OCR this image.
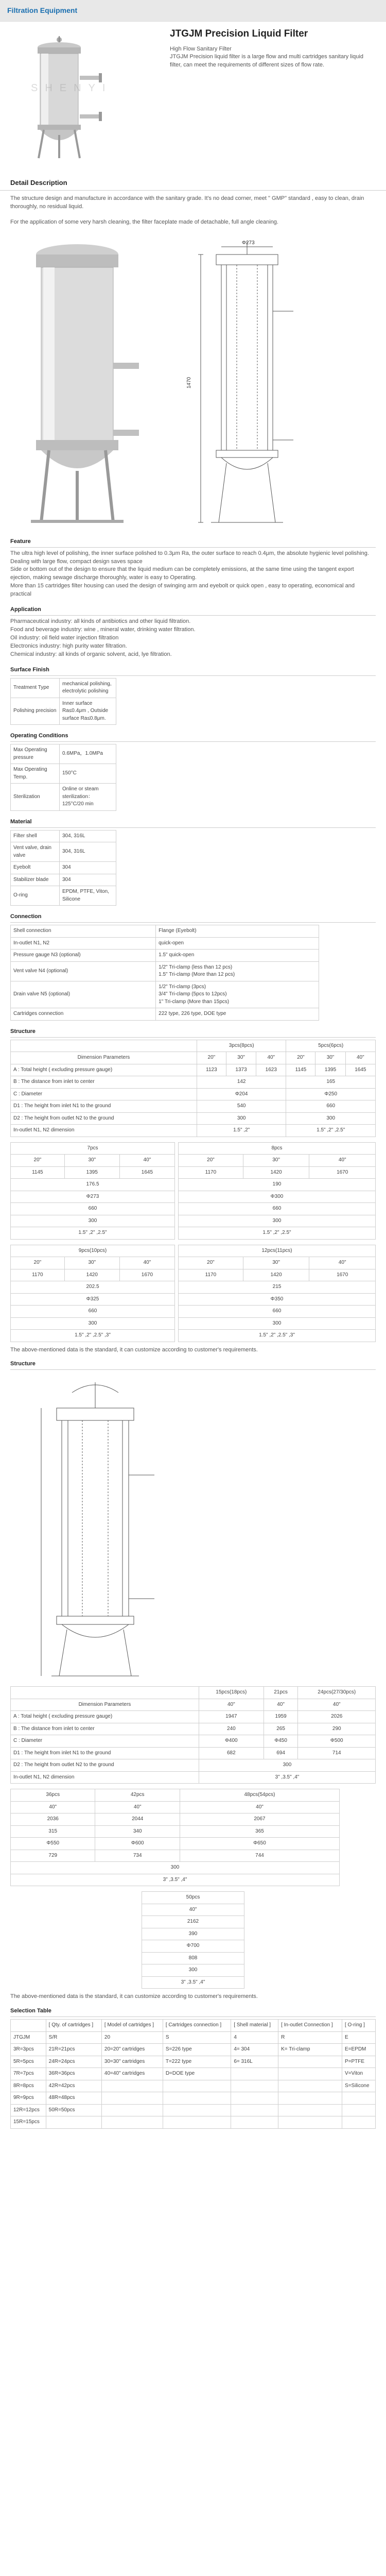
Filtration Equipment
SHENYI
JTGJM Precision Liquid Filter

High Flow Sanitary Filter

JTGJM Precision liquid filter is a large flow and multi cartridges sanitary liquid filter, can meet the requirements of different sizes of flow rate.

Detail Description

The structure design and manufacture in accordance with the sanitary grade. It's no dead corner, meet " GMP" standard , easy to clean, drain thoroughly, no residual liquid.

For the application of some very harsh cleaning, the filter faceplate made of detachable, full angle cleaning.

1470
Φ273
Feature

The ultra high level of polishing, the inner surface polished to 0.3μm Ra, the outer surface to reach 0.4μm, the absolute hygienic level polishing.

Dealing with large flow, compact design saves space

Side or bottom out of the design to ensure that the liquid medium can be completely emissions, at the same time using the tangent export ejection, making sewage discharge thoroughly, water is easy to Operating.

More than 15 cartridges filter housing can used the design of swinging arm and eyebolt or quick open , easy to operating, economical and practical

Application

Pharmaceutical industry: all kinds of antibiotics and other liquid filtration.

Food and beverage industry: wine , mineral water, drinking water filtration.

Oil industry: oil field water injection filtration

Electronics industry: high purity water filtration.

Chemical industry: all kinds of organic solvent, acid, lye filtration.

Surface Finish
Treatment Type	mechanical polishing, electrolytic polishing
Polishing precision	Inner surface Ra≤0.4μm , Outside surface Ra≤0.8μm.
Operating Conditions
Max Operating pressure	0.6MPa，1.0MPa
Max Operating Temp.	150°C
Sterilization	Online or steam sterilization：125°C/20 min
Material
Filter shell	304, 316L
Vent valve, drain valve	304, 316L
Eyebolt	304
Stabilizer blade	304
O-ring	EPDM, PTFE, Viton, Silicone
Connection
Shell connection	Flange (Eyebolt)
In-outlet N1, N2	quick-open
Pressure gauge N3 (optional)	1.5" quick-open
Vent valve N4 (optional)	1/2" Tri-clamp (less than 12 pcs)
1.5" Tri-clamp (More than 12 pcs)
Drain valve N5 (optional)	1/2" Tri-clamp (3pcs)
3/4" Tri-clamp (5pcs to 12pcs)
1" Tri-clamp (More than 15pcs)
Cartridges connection	222 type, 226 type, DOE type
Structure
	3pcs(8pcs)			5pcs(6pcs)		
Dimension Parameters	20"	30"	40"	20"	30"	40"
A : Total height ( excluding pressure gauge)	1123	1373	1623	1145	1395	1645
B : The distance from inlet to center	142			165		
C : Diameter	Φ204			Φ250		
D1 : The height from inlet N1 to the ground	540			660		
D2 : The height from outlet N2 to the ground	300			300		
In-outlet N1, N2 dimension	1.5" ,2"			1.5" ,2" ,2.5"		
7pcs		
20"	30"	40"
1145	1395	1645
176.5		
Φ273		
660		
300		
1.5" ,2" ,2.5"		
8pcs		
20"	30"	40"
1170	1420	1670
190		
Φ300		
660		
300		
1.5" ,2" ,2.5"		
9pcs(10pcs)		
20"	30"	40"
1170	1420	1670
202.5		
Φ325		
660		
300		
1.5" ,2" ,2.5" ,3"		
12pcs(11pcs)		
20"	30"	40"
1170	1420	1670
215		
Φ350		
660		
300		
1.5" ,2" ,2.5" ,3"		

The above-mentioned data is the standard, it can customize according to customer's requirements.

Structure
	15pcs(18pcs)	21pcs	24pcs(27/30pcs)
Dimension Parameters	40"	40"	40"
A : Total height ( excluding pressure gauge)	1947	1959	2026
B : The distance from inlet to center	240	265	290
C : Diameter	Φ400	Φ450	Φ500
D1 : The height from inlet N1 to the ground	682	694	714
D2 : The height from outlet N2 to the ground	300		
In-outlet N1, N2 dimension	3" ,3.5" ,4"		
36pcs	42pcs	48pcs(54pcs)
40"	40"	40"
2036	2044	2067
315	340	365
Φ550	Φ600	Φ650
729	734	744
300		
3" ,3.5" ,4"		
50pcs
40"
2162
390
Φ700
808
300
3" ,3.5" ,4"

The above-mentioned data is the standard, it can customize according to customer's requirements.

Selection Table
	[ Qty. of cartridges ]	[ Model of cartridges ]	[ Cartridges connection ]	[ Shell material ]	[ In-outlet Connection ]	[ O-ring ]
JTGJM	S/R	20	S	4	R	E
3R=3pcs	21R=21pcs	20=20" cartridges	S=226 type	4= 304	K= Tri-clamp	E=EPDM
5R=5pcs	24R=24pcs	30=30" cartridges	T=222 type	6= 316L		P=PTFE
7R=7pcs	36R=36pcs	40=40" cartridges	D=DOE type			V=Viton
8R=8pcs	42R=42pcs					S=Silicone
9R=9pcs	48R=48pcs					
12R=12pcs	50R=50pcs					
15R=15pcs						
